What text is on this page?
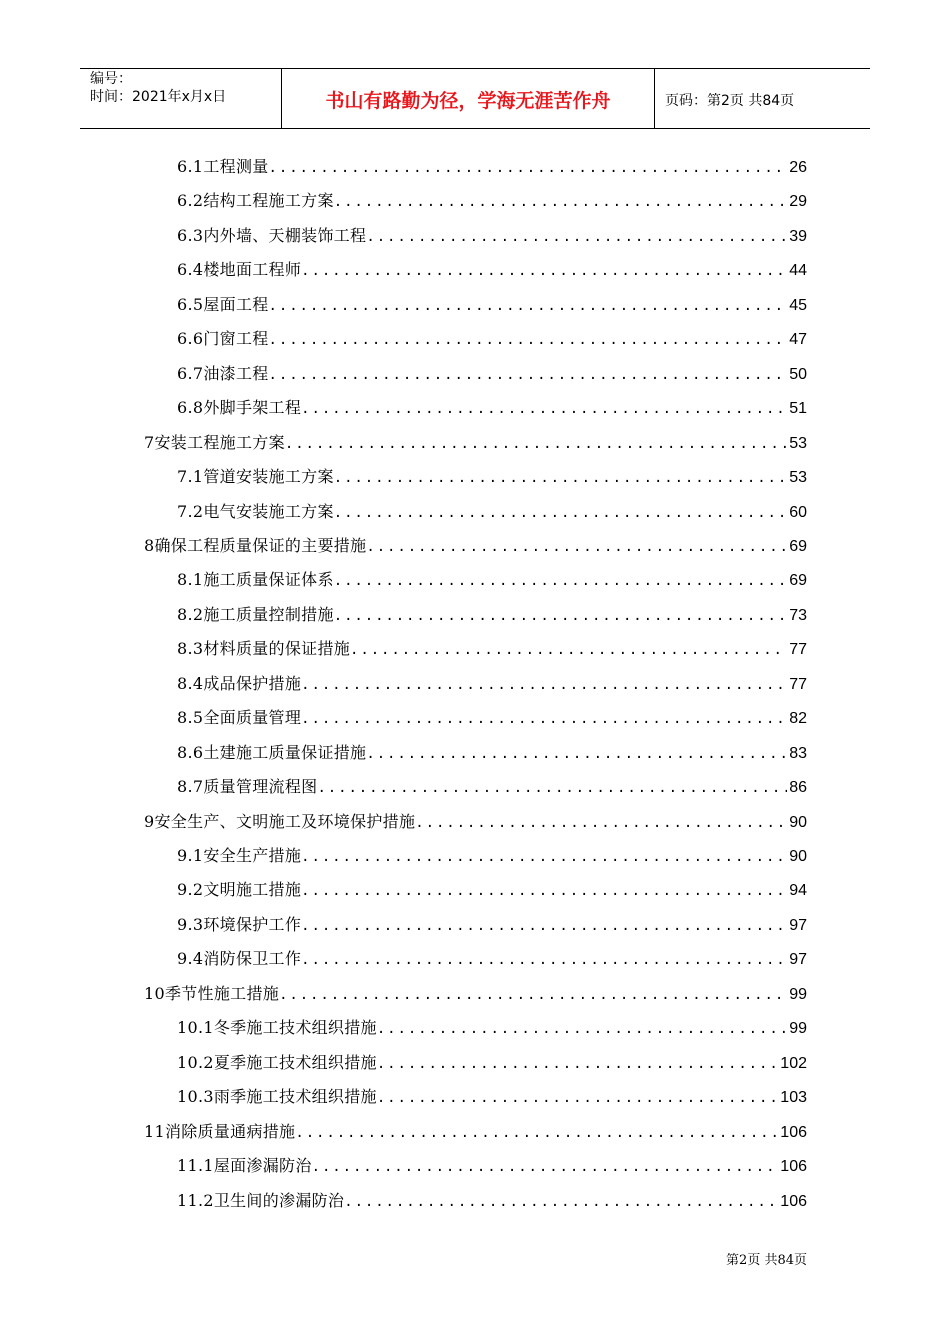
编号：
时间：2021年x月x日	书山有路勤为径，学海无涯苦作舟	页码：第2页 共84页
6.1工程测量 .....	26
6.2结构工程施工方案 .....	29
6.3内外墙、天棚装饰工程 .....	39
6.4楼地面工程师 .....	44
6.5屋面工程 .....	45
6.6门窗工程 .....	47
6.7油漆工程 .....	50
6.8外脚手架工程 .....	51
7安装工程施工方案 .....	53
7.1管道安装施工方案 .....	53
7.2电气安装施工方案 .....	60
8确保工程质量保证的主要措施 .....	69
8.1施工质量保证体系 .....	69
8.2施工质量控制措施 .....	73
8.3材料质量的保证措施 .....	77
8.4成品保护措施 .....	77
8.5全面质量管理 .....	82
8.6土建施工质量保证措施 .....	83
8.7质量管理流程图 .....	86
9安全生产、文明施工及环境保护措施 .....	90
9.1安全生产措施 .....	90
9.2文明施工措施 .....	94
9.3环境保护工作 .....	97
9.4消防保卫工作 .....	97
10季节性施工措施 .....	99
10.1冬季施工技术组织措施 .....	99
10.2夏季施工技术组织措施 .....	102
10.3雨季施工技术组织措施 .....	103
11消除质量通病措施 .....	106
11.1屋面渗漏防治 .....	106
11.2卫生间的渗漏防治 .....	106
第2页 共84页
